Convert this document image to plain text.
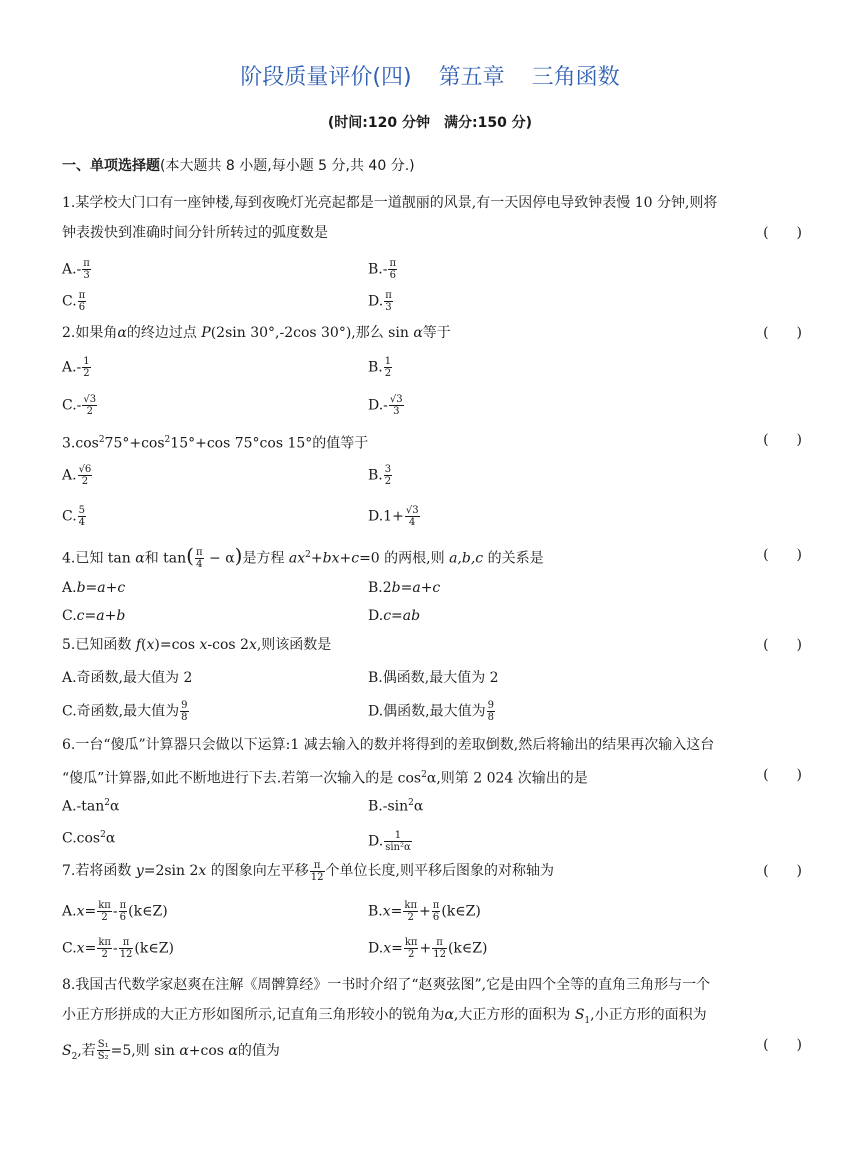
阶段质量评价(四) 第五章 三角函数
(时间:120 分钟　满分:150 分)
一、单项选择题(本大题共 8 小题,每小题 5 分,共 40 分.)
1.某学校大门口有一座钟楼,每到夜晚灯光亮起都是一道靓丽的风景,有一天因停电导致钟表慢 10 分钟,则将
钟表拨快到准确时间分针所转过的弧度数是	(　　)
$A.- \frac{\pi}{3}$	$B.- \frac{\pi}{6}$
C. $\frac{\pi}{6}$	D. $\frac{\pi}{3}$
2.如果角α的终边过点 P(2sin 30°,-2cos 30°),那么 sin α等于	(　　)
$A.- \frac{1}{2}$	B. $\frac{1}{2}$
$C.- \frac{√3}{2}$	$D.- \frac{√3}{3}$
$3.\cos^275^\circ+\cos^215^\circ+\cos$ 75°cos 15°的值等于	(　　)
A. $\frac{√6}{2}$	B. $\frac{3}{2}$
C. $\frac{5}{4}$	$D.1+ \frac{√3}{4}$
4.已知 tan α和 $\tan( \frac{\pi}{4} - \alpha)$是方程 $ax^2+bx+c=0$ 的两根,则 a,b,c 的关系是	(　　)
A.b=a+c	B.2b=a+c
C.c=a+b	D.c=ab
5.已知函数 f(x)=cos x-cos 2x,则该函数是	(　　)
A.奇函数,最大值为 2	B.偶函数,最大值为 2
C.奇函数,最大值为 $\frac{9}{8}$	D.偶函数,最大值为 $\frac{9}{8}$
6.一台“傻瓜”计算器只会做以下运算:1 减去输入的数并将得到的差取倒数,然后将输出的结果再次输入这台
“傻瓜”计算器,如此不断地进行下去.若第一次输入的是 $\cos^2\alpha$,则第 2 024 次输出的是	(　　)
$A.-\tan^2\alpha$	$B.-\sin^2\alpha$
$C.\cos^2\alpha$	D. $\frac{1}{\text{sin²α}}$
7.若将函数 y=2sin 2x 的图象向左平移 $\frac{\pi}{12}$ 个单位长度,则平移后图象的对称轴为	(　　)
$A.x= \frac{k\pi}{2} - \frac{\pi}{6}$ (k∈Z)	$B.x= \frac{k\pi}{2} + \frac{\pi}{6}$ (k∈Z)
$C.x= \frac{k\pi}{2} - \frac{\pi}{12}$ (k∈Z)	$D.x= \frac{k\pi}{2} + \frac{\pi}{12}$ (k∈Z)
8.我国古代数学家赵爽在注解《周髀算经》一书时介绍了“赵爽弦图”,它是由四个全等的直角三角形与一个
小正方形拼成的大正方形如图所示,记直角三角形较小的锐角为α,大正方形的面积为 $S_1$,小正方形的面积为
$S_2$,若 $\frac{\text{S₁}}{\text{S₂}} =5$,则 sin α+cos α的值为	(　　)
